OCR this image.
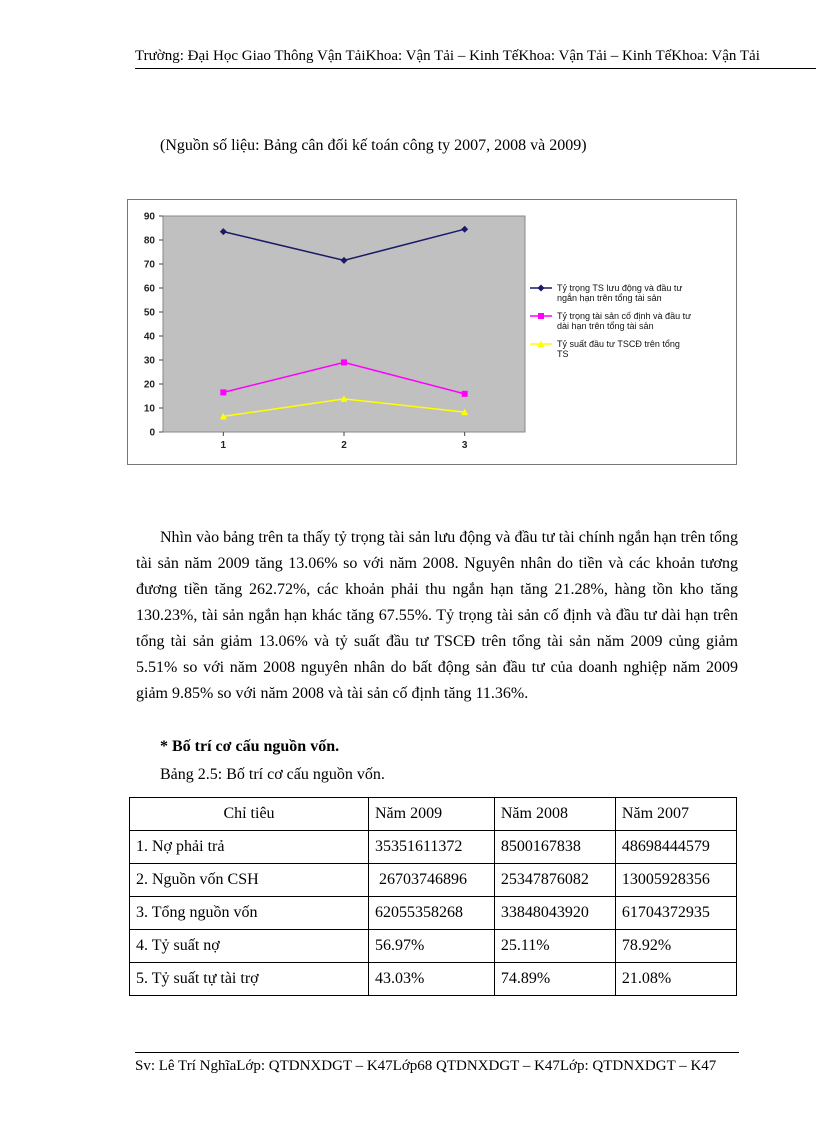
Trường: Đại Học Giao Thông Vận TảiKhoa: Vận Tải – Kinh TếKhoa: Vận Tải – Kinh TếKhoa: Vận Tải
(Nguồn số liệu: Bảng cân đối kế toán công ty 2007, 2008 và 2009)
0
10
20
30
40
50
60
70
80
90
1	2	3
Tỷ trọng TS lưu động và đầu tư
ngắn hạn trên tổng tài sản
Tỷ trọng tài sản cố định và đầu tư
dài hạn trên tổng tài sản
Tỷ suất đầu tư TSCĐ trên tổng
TS
Nhìn vào bảng trên ta thấy tỷ trọng tài sản lưu động và đầu tư tài chính ngắn hạn trên tổng tài sản năm 2009 tăng 13.06% so với năm 2008. Nguyên nhân do tiền và các khoản tương đương tiền tăng 262.72%, các khoản phải thu ngắn hạn tăng 21.28%, hàng tồn kho tăng 130.23%, tài sản ngắn hạn khác tăng 67.55%. Tỷ trọng tài sản cố định và đầu tư dài hạn trên tổng tài sản giảm 13.06% và tỷ suất đầu tư TSCĐ trên tổng tài sản năm 2009 củng giảm 5.51% so với năm 2008 nguyên nhân do bất động sản đầu tư của doanh nghiệp năm 2009 giảm 9.85% so với năm 2008 và tài sản cố định tăng 11.36%.
* Bố trí cơ cấu nguồn vốn.
Bảng 2.5: Bố trí cơ cấu nguồn vốn.
Chỉ tiêu	Năm 2009	Năm 2008	Năm 2007
1. Nợ phải trả	35351611372	8500167838	48698444579
2. Nguồn vốn CSH	26703746896	25347876082	13005928356
3. Tổng nguồn vốn	62055358268	33848043920	61704372935
4. Tỷ suất nợ	56.97%	25.11%	78.92%
5. Tỷ suất tự tài trợ	43.03%	74.89%	21.08%
Sv: Lê Trí NghĩaLớp: QTDNXDGT – K47Lớp68 QTDNXDGT – K47Lớp: QTDNXDGT – K47
